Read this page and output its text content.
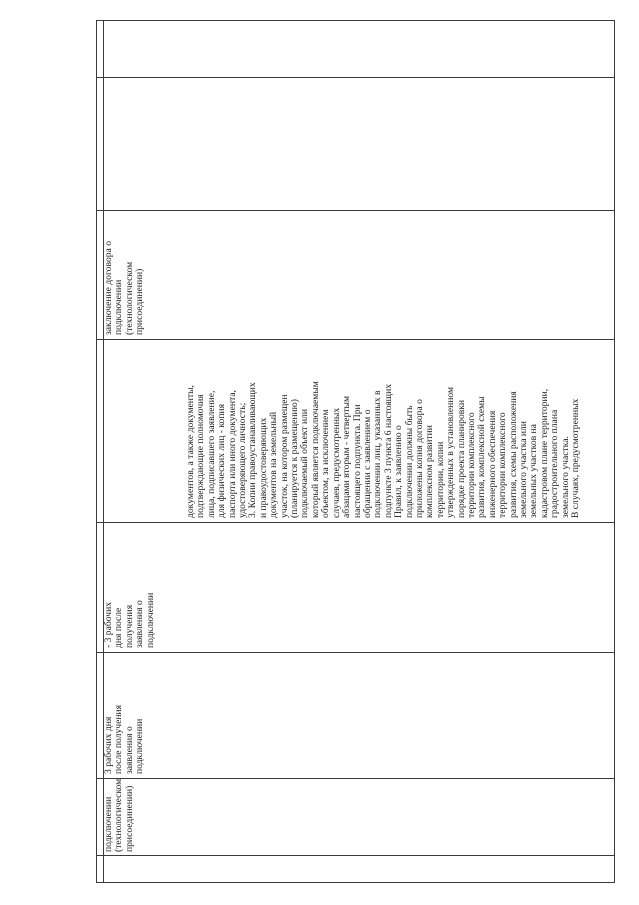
заключение договора о
подключении
(технологическом
присоединении)
документов, а также документы,
подтверждающие полномочия
лица, подписавшего заявление,
для физических лиц - копия
паспорта или иного документа,
удостоверяющего личность;
3. Копии правоустанавливающих
и правоудостоверяющих
документов на земельный
участок, на котором размещен
(планируется к размещению)
подключаемый объект или
который является подключаемым
объектом, за исключением
случаев, предусмотренных
абзацами вторым - четвертым
настоящего подпункта. При
обращении с заявлением о
подключении лиц, указанных в
подпункте 3 пункта 6 настоящих
Правил, к заявлению о
подключении должны быть
приложены копия договора о
комплексном развитии
территории, копии
утвержденных в установленном
порядке проекта планировки
территории комплексного
развития, комплексной схемы
инженерного обеспечения
территории комплексного
развития, схемы расположения
земельного участка или
земельных участков на
кадастровом плане территории,
градостроительного плана
земельного участка.
В случаях, предусмотренных
- 3 рабочих
дня после
получения
заявления о
подключении
3 рабочих дня
после получения
заявления о
подключении
подключении
(технологическом
присоединении)
